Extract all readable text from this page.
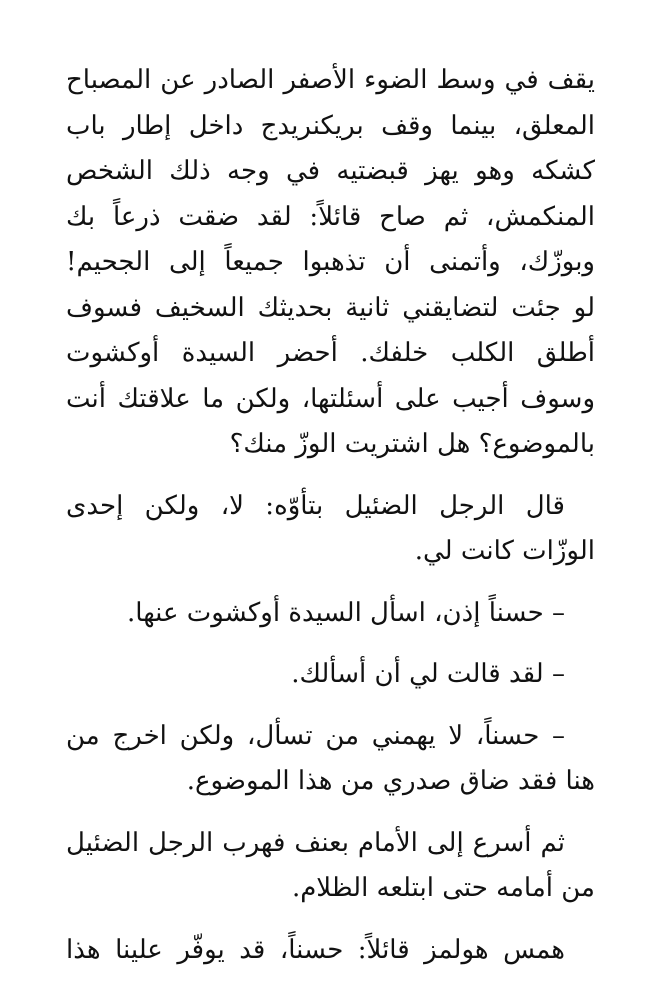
يقف في وسط الضوء الأصفر الصادر عن المصباح
المعلق، بينما وقف بريكنريدج داخل إطار باب
كشكه وهو يهز قبضتيه في وجه ذلك الشخص
المنكمش، ثم صاح قائلاً: لقد ضقت ذرعاً بك
وبوزّك، وأتمنى أن تذهبوا جميعاً إلى الجحيم!
لو جئت لتضايقني ثانية بحديثك السخيف فسوف
أطلق الكلب خلفك. أحضر السيدة أوكشوت
وسوف أجيب على أسئلتها، ولكن ما علاقتك أنت
بالموضوع؟ هل اشتريت الوزّ منك؟

قال الرجل الضئيل بتأوّه: لا، ولكن إحدى
الوزّات كانت لي.

– حسناً إذن، اسأل السيدة أوكشوت عنها.

– لقد قالت لي أن أسألك.

– حسناً، لا يهمني من تسأل، ولكن اخرج من
هنا فقد ضاق صدري من هذا الموضوع.

ثم أسرع إلى الأمام بعنف فهرب الرجل الضئيل
من أمامه حتى ابتلعه الظلام.

همس هولمز قائلاً: حسناً، قد يوفّر علينا هذا
